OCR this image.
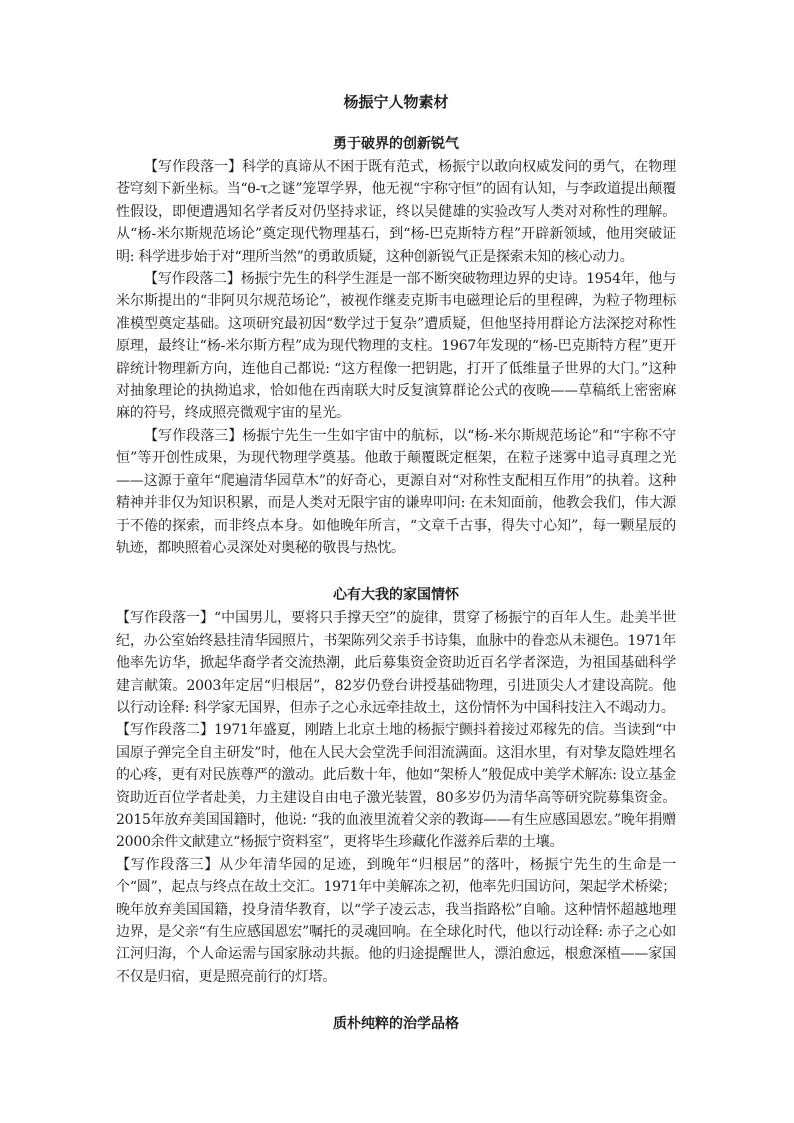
杨振宁人物素材
勇于破界的创新锐气

【写作段落一】科学的真谛从不困于既有范式，杨振宁以敢向权威发问的勇气，在物理苍穹刻下新坐标。当“θ-τ之谜”笼罩学界，他无视“宇称守恒”的固有认知，与李政道提出颠覆性假设，即便遭遇知名学者反对仍坚持求证，终以吴健雄的实验改写人类对对称性的理解。从“杨-米尔斯规范场论”奠定现代物理基石，到“杨-巴克斯特方程”开辟新领域，他用突破证明: 科学进步始于对“理所当然”的勇敢质疑，这种创新锐气正是探索未知的核心动力。

【写作段落二】杨振宁先生的科学生涯是一部不断突破物理边界的史诗。1954年，他与米尔斯提出的“非阿贝尔规范场论”，被视作继麦克斯韦电磁理论后的里程碑，为粒子物理标准模型奠定基础。这项研究最初因“数学过于复杂”遭质疑，但他坚持用群论方法深挖对称性原理，最终让“杨-米尔斯方程”成为现代物理的支柱。1967年发现的“杨-巴克斯特方程”更开辟统计物理新方向，连他自己都说: “这方程像一把钥匙，打开了低维量子世界的大门。”这种对抽象理论的执拗追求，恰如他在西南联大时反复演算群论公式的夜晚——草稿纸上密密麻麻的符号，终成照亮微观宇宙的星光。

【写作段落三】杨振宁先生一生如宇宙中的航标，以“杨-米尔斯规范场论”和“宇称不守恒”等开创性成果，为现代物理学奠基。他敢于颠覆既定框架，在粒子迷雾中追寻真理之光——这源于童年“爬遍清华园草木”的好奇心，更源自对“对称性支配相互作用”的执着。这种精神并非仅为知识积累，而是人类对无限宇宙的谦卑叩问: 在未知面前，他教会我们，伟大源于不倦的探索，而非终点本身。如他晚年所言，“文章千古事，得失寸心知”，每一颗星辰的轨迹，都映照着心灵深处对奥秘的敬畏与热忱。

心有大我的家国情怀

【写作段落一】“中国男儿，要将只手撑天空”的旋律，贯穿了杨振宁的百年人生。赴美半世纪，办公室始终悬挂清华园照片，书架陈列父亲手书诗集，血脉中的眷恋从未褪色。1971年他率先访华，掀起华裔学者交流热潮，此后募集资金资助近百名学者深造，为祖国基础科学建言献策。2003年定居“归根居”，82岁仍登台讲授基础物理，引进顶尖人才建设高院。他以行动诠释: 科学家无国界，但赤子之心永远牵挂故土，这份情怀为中国科技注入不竭动力。

【写作段落二】1971年盛夏，刚踏上北京土地的杨振宁颤抖着接过邓稼先的信。当读到“中国原子弹完全自主研发”时，他在人民大会堂洗手间泪流满面。这泪水里，有对挚友隐姓埋名的心疼，更有对民族尊严的激动。此后数十年，他如“架桥人”般促成中美学术解冻: 设立基金资助近百位学者赴美，力主建设自由电子激光装置，80多岁仍为清华高等研究院募集资金。2015年放弃美国国籍时，他说: “我的血液里流着父亲的教诲——有生应感国恩宏。”晚年捐赠2000余件文献建立“杨振宁资料室”，更将毕生珍藏化作滋养后辈的土壤。

【写作段落三】从少年清华园的足迹，到晚年“归根居”的落叶，杨振宁先生的生命是一个“圆”，起点与终点在故土交汇。1971年中美解冻之初，他率先归国访问，架起学术桥梁；晚年放弃美国国籍，投身清华教育，以“学子凌云志，我当指路松”自喻。这种情怀超越地理边界，是父亲“有生应感国恩宏”嘱托的灵魂回响。在全球化时代，他以行动诠释: 赤子之心如江河归海，个人命运需与国家脉动共振。他的归途提醒世人，漂泊愈远，根愈深植——家国不仅是归宿，更是照亮前行的灯塔。

质朴纯粹的治学品格
